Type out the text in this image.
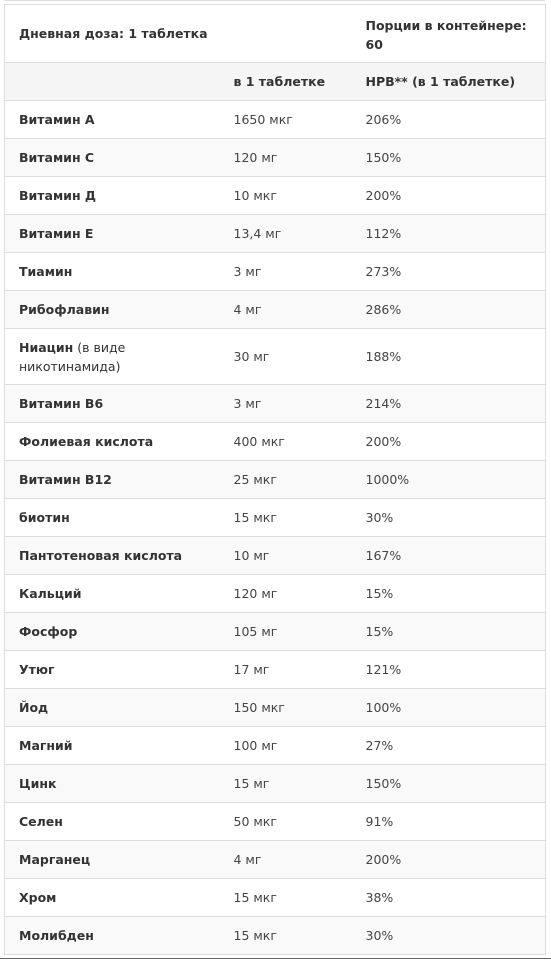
Дневная доза: 1 таблетка		Порции в контейнере:
60
	в 1 таблетке	НРВ** (в 1 таблетке)
Витамин А	1650 мкг	206%
Витамин С	120 мг	150%
Витамин Д	10 мкг	200%
Витамин Е	13,4 мг	112%
Тиамин	3 мг	273%
Рибофлавин	4 мг	286%
Ниацин (в виде никотинамида)	30 мг	188%
Витамин В6	3 мг	214%
Фолиевая кислота	400 мкг	200%
Витамин В12	25 мкг	1000%
биотин	15 мкг	30%
Пантотеновая кислота	10 мг	167%
Кальций	120 мг	15%
Фосфор	105 мг	15%
Утюг	17 мг	121%
Йод	150 мкг	100%
Магний	100 мг	27%
Цинк	15 мг	150%
Селен	50 мкг	91%
Марганец	4 мг	200%
Хром	15 мкг	38%
Молибден	15 мкг	30%
